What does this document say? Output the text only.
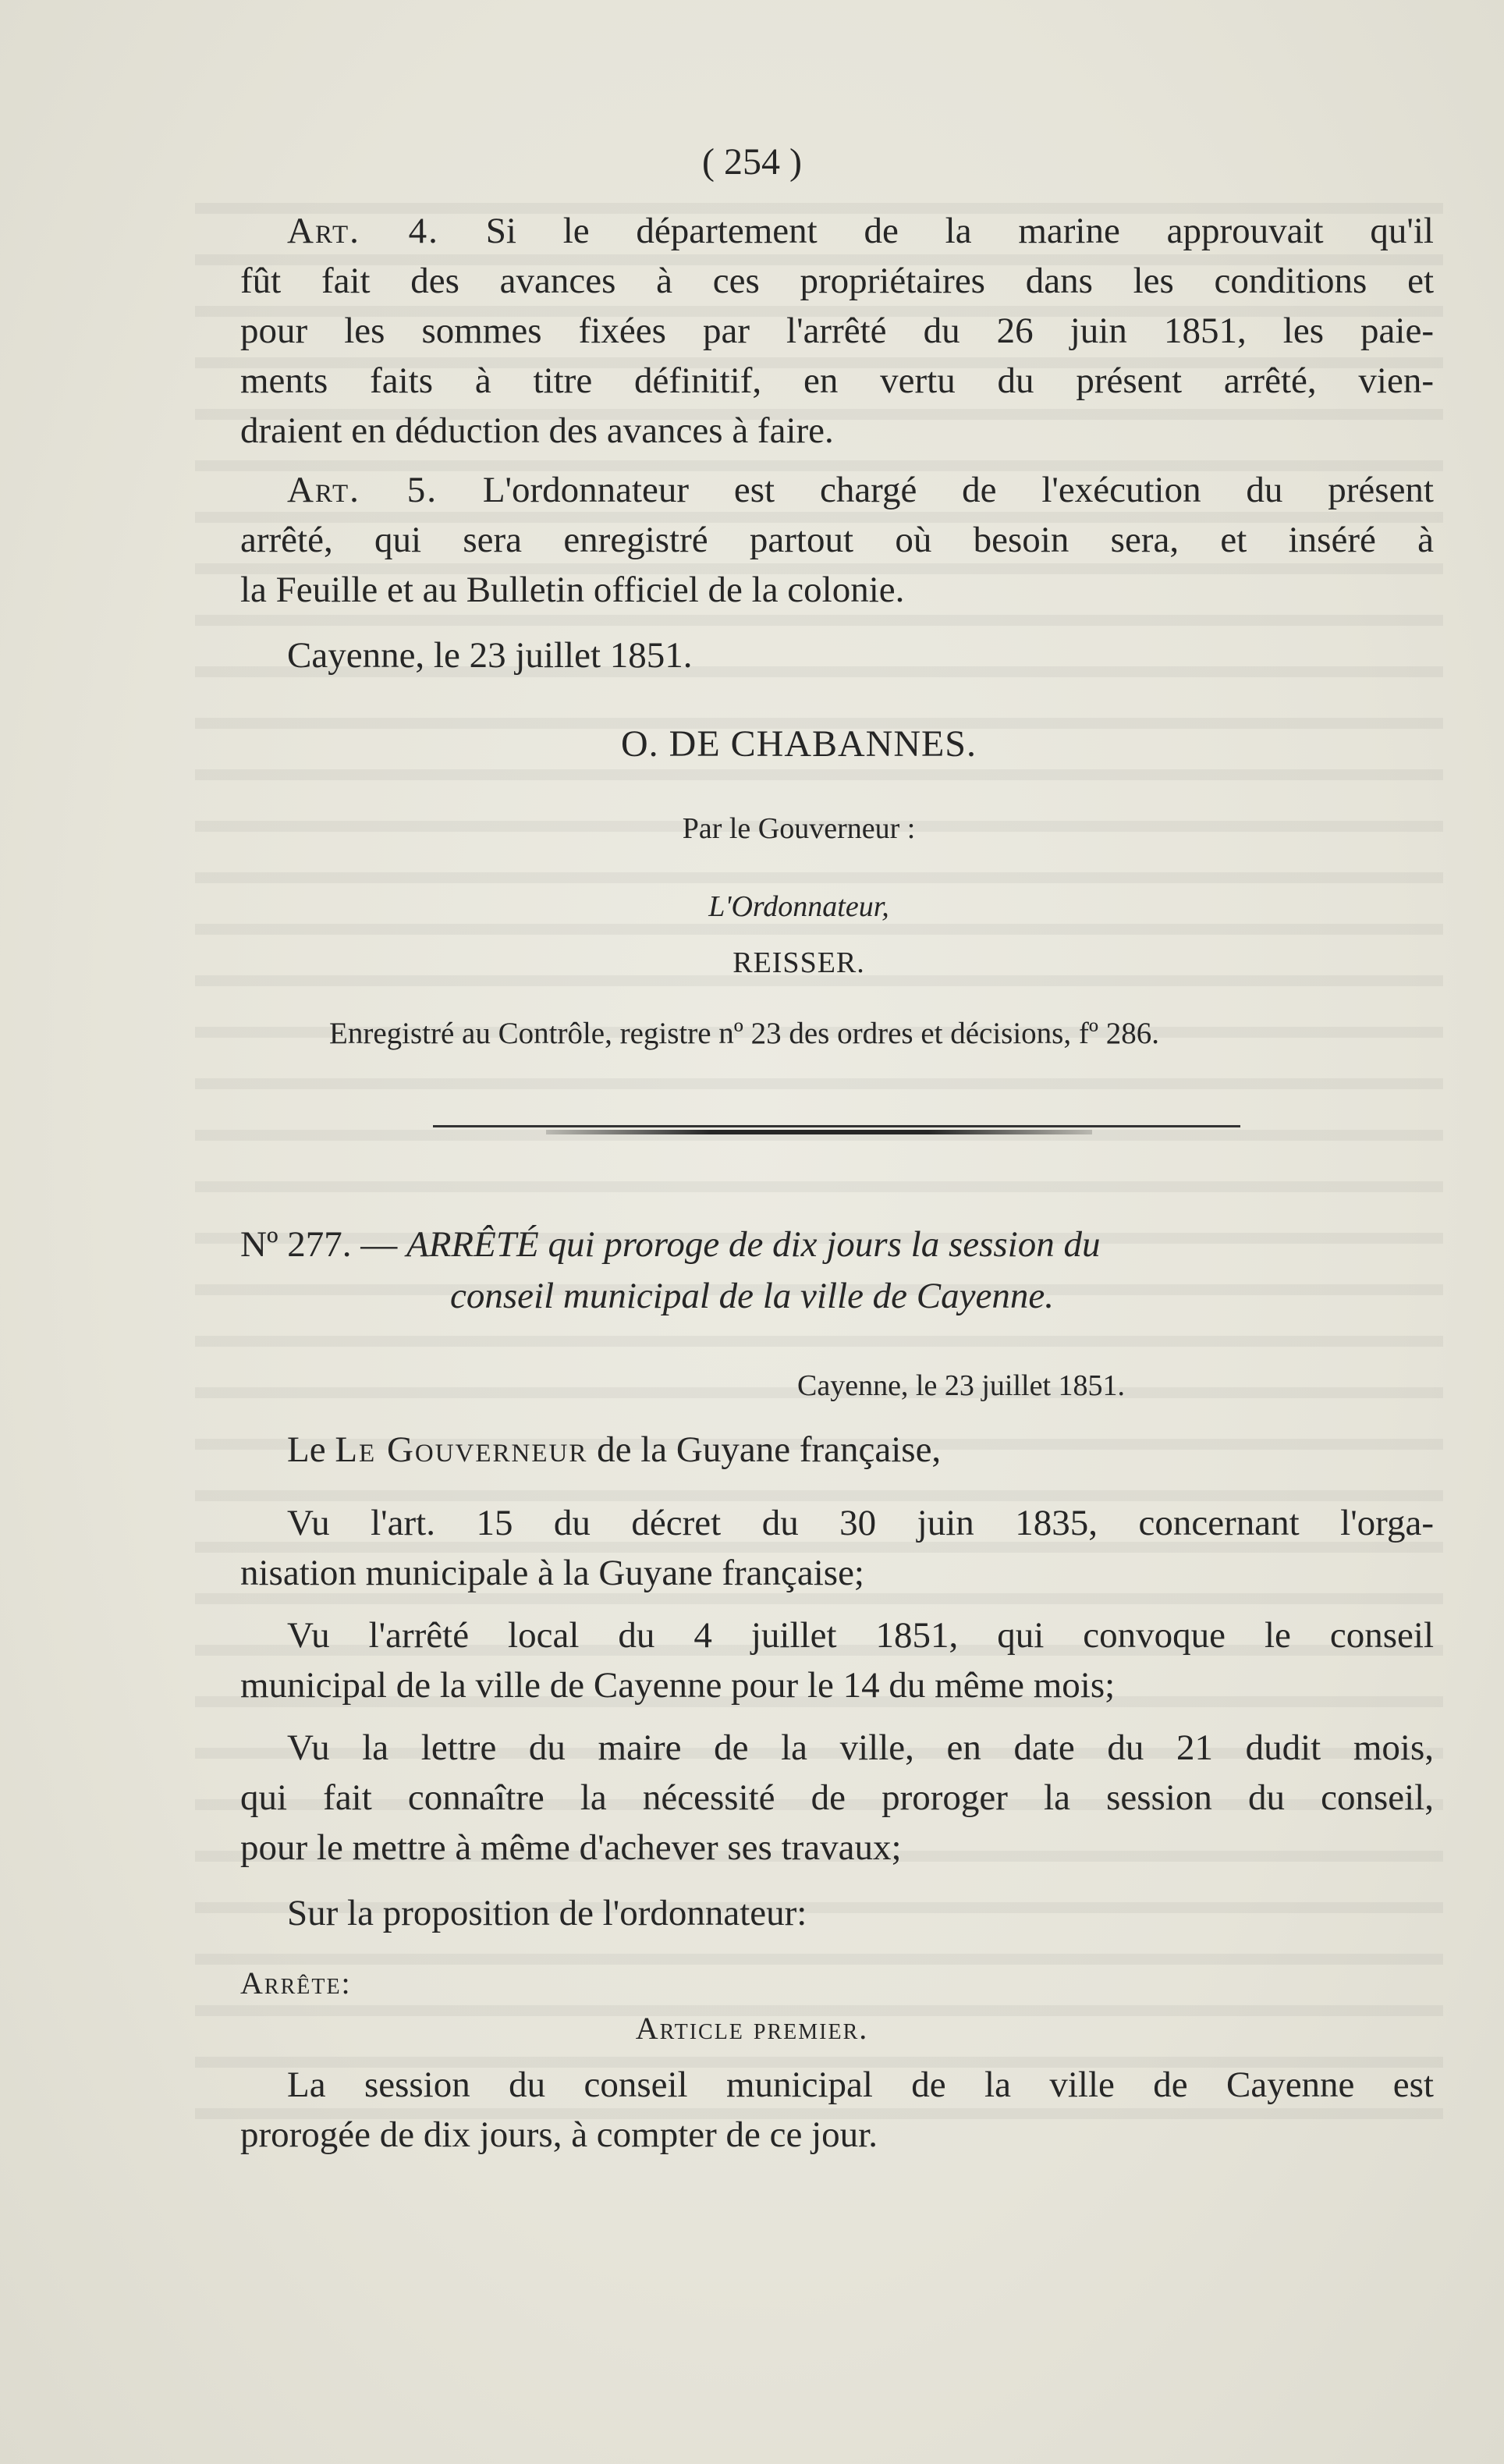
( 254 )
Art. 4. Si le département de la marine approuvait qu'il
fût fait des avances à ces propriétaires dans les conditions et
pour les sommes fixées par l'arrêté du 26 juin 1851, les paie-
ments faits à titre définitif, en vertu du présent arrêté, vien-
draient en déduction des avances à faire.
Art. 5. L'ordonnateur est chargé de l'exécution du présent
arrêté, qui sera enregistré partout où besoin sera, et inséré à
la Feuille et au Bulletin officiel de la colonie.
Cayenne, le 23 juillet 1851.
O. DE CHABANNES.
Par le Gouverneur :
L'Ordonnateur,
REISSER.
Enregistré au Contrôle, registre nº 23 des ordres et décisions, fº 286.
Nº 277. — ARRÊTÉ qui proroge de dix jours la session du
conseil municipal de la ville de Cayenne.
Cayenne, le 23 juillet 1851.
Le Le Gouverneur de la Guyane française,
Vu l'art. 15 du décret du 30 juin 1835, concernant l'orga-
nisation municipale à la Guyane française;
Vu l'arrêté local du 4 juillet 1851, qui convoque le conseil
municipal de la ville de Cayenne pour le 14 du même mois;
Vu la lettre du maire de la ville, en date du 21 dudit mois,
qui fait connaître la nécessité de proroger la session du conseil,
pour le mettre à même d'achever ses travaux;
Sur la proposition de l'ordonnateur:
Arrête:
Article premier.
La session du conseil municipal de la ville de Cayenne est
prorogée de dix jours, à compter de ce jour.
